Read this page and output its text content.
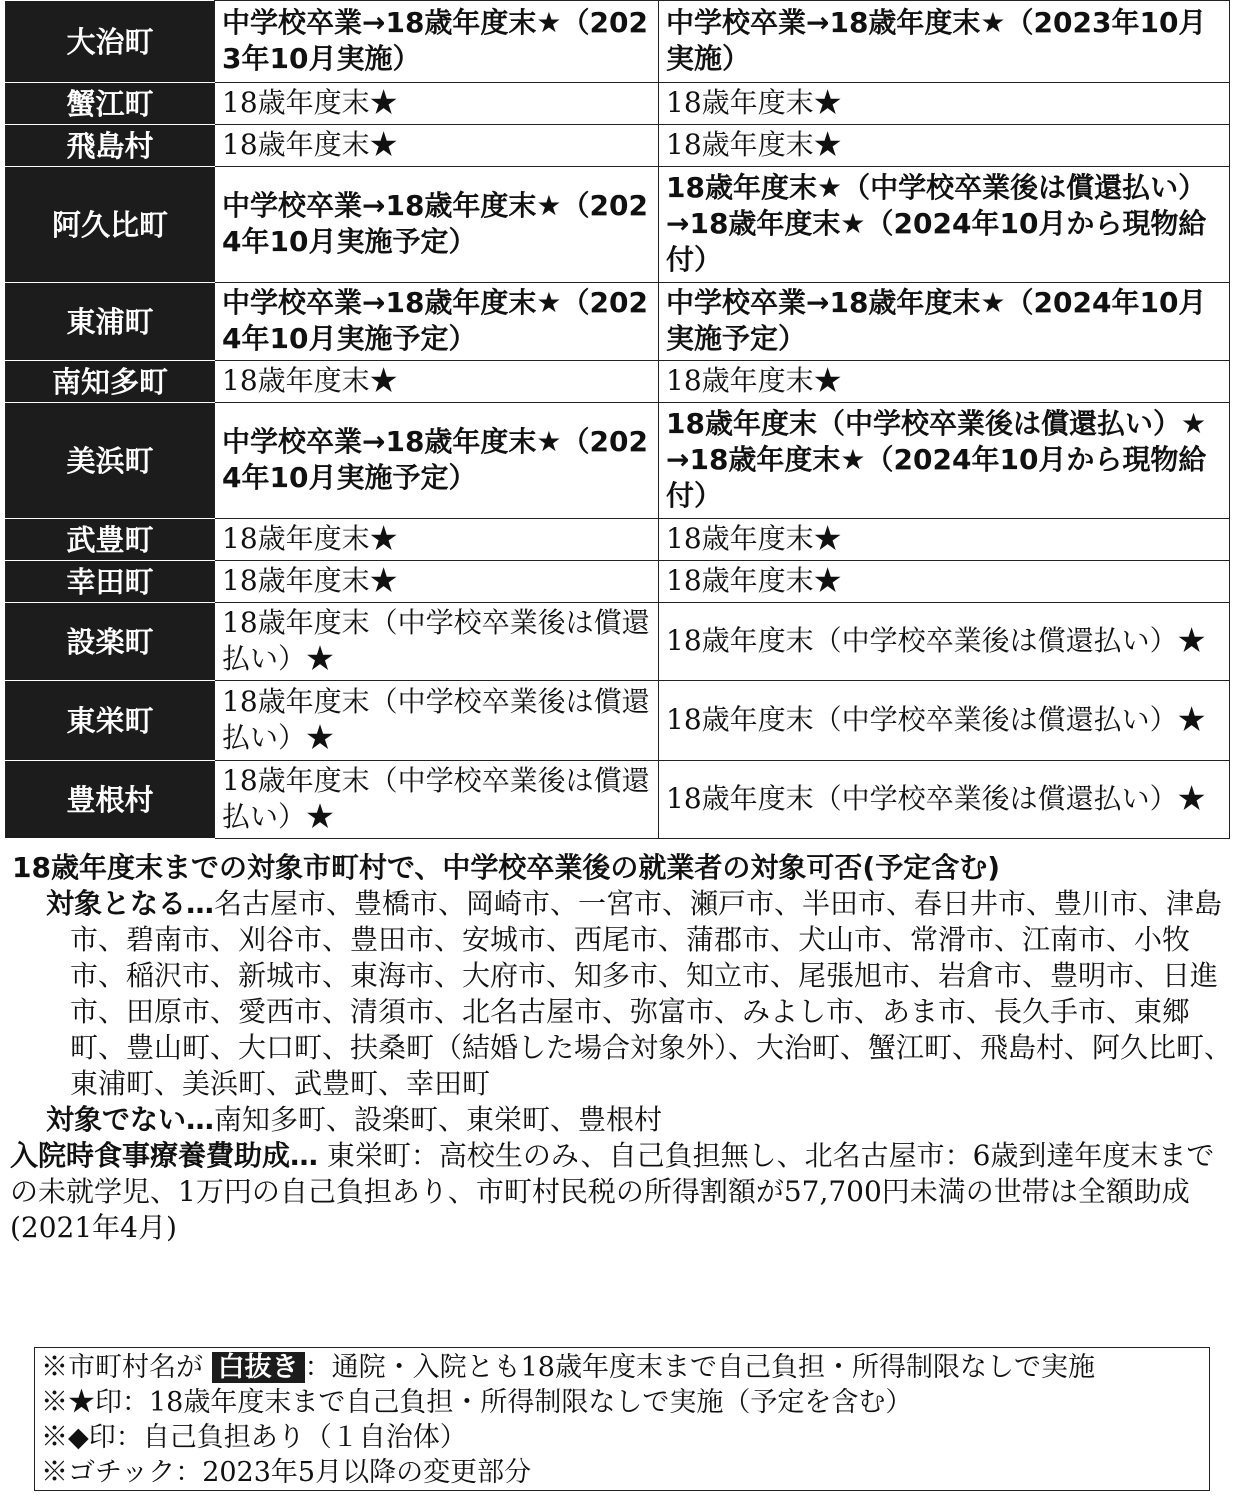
大治町	中学校卒業→18歳年度末★（2023年10月実施）	中学校卒業→18歳年度末★（2023年10月実施）
蟹江町	18歳年度末★	18歳年度末★
飛島村	18歳年度末★	18歳年度末★
阿久比町	中学校卒業→18歳年度末★（2024年10月実施予定）	18歳年度末★（中学校卒業後は償還払い）→18歳年度末★（2024年10月から現物給付）
東浦町	中学校卒業→18歳年度末★（2024年10月実施予定）	中学校卒業→18歳年度末★（2024年10月実施予定）
南知多町	18歳年度末★	18歳年度末★
美浜町	中学校卒業→18歳年度末★（2024年10月実施予定）	18歳年度末（中学校卒業後は償還払い）★→18歳年度末★（2024年10月から現物給付）
武豊町	18歳年度末★	18歳年度末★
幸田町	18歳年度末★	18歳年度末★
設楽町	18歳年度末（中学校卒業後は償還払い）★	18歳年度末（中学校卒業後は償還払い）★
東栄町	18歳年度末（中学校卒業後は償還払い）★	18歳年度末（中学校卒業後は償還払い）★
豊根村	18歳年度末（中学校卒業後は償還払い）★	18歳年度末（中学校卒業後は償還払い）★
18歳年度末までの対象市町村で、中学校卒業後の就業者の対象可否(予定含む)
対象となる…名古屋市、豊橋市、岡崎市、一宮市、瀬戸市、半田市、春日井市、豊川市、津島市、碧南市、刈谷市、豊田市、安城市、西尾市、蒲郡市、犬山市、常滑市、江南市、小牧市、稲沢市、新城市、東海市、大府市、知多市、知立市、尾張旭市、岩倉市、豊明市、日進市、田原市、愛西市、清須市、北名古屋市、弥富市、みよし市、あま市、長久手市、東郷町、豊山町、大口町、扶桑町（結婚した場合対象外）、大治町、蟹江町、飛島村、阿久比町、東浦町、美浜町、武豊町、幸田町
対象でない…南知多町、設楽町、東栄町、豊根村
入院時食事療養費助成… 東栄町：高校生のみ、自己負担無し、北名古屋市：6歳到達年度末までの未就学児、1万円の自己負担あり、市町村民税の所得割額が57,700円未満の世帯は全額助成(2021年4月)
※市町村名が 白抜き ：通院・入院とも18歳年度末まで自己負担・所得制限なしで実施
※★印：18歳年度末まで自己負担・所得制限なしで実施（予定を含む）
※◆印：自己負担あり（１自治体）
※ゴチック：2023年5月以降の変更部分
